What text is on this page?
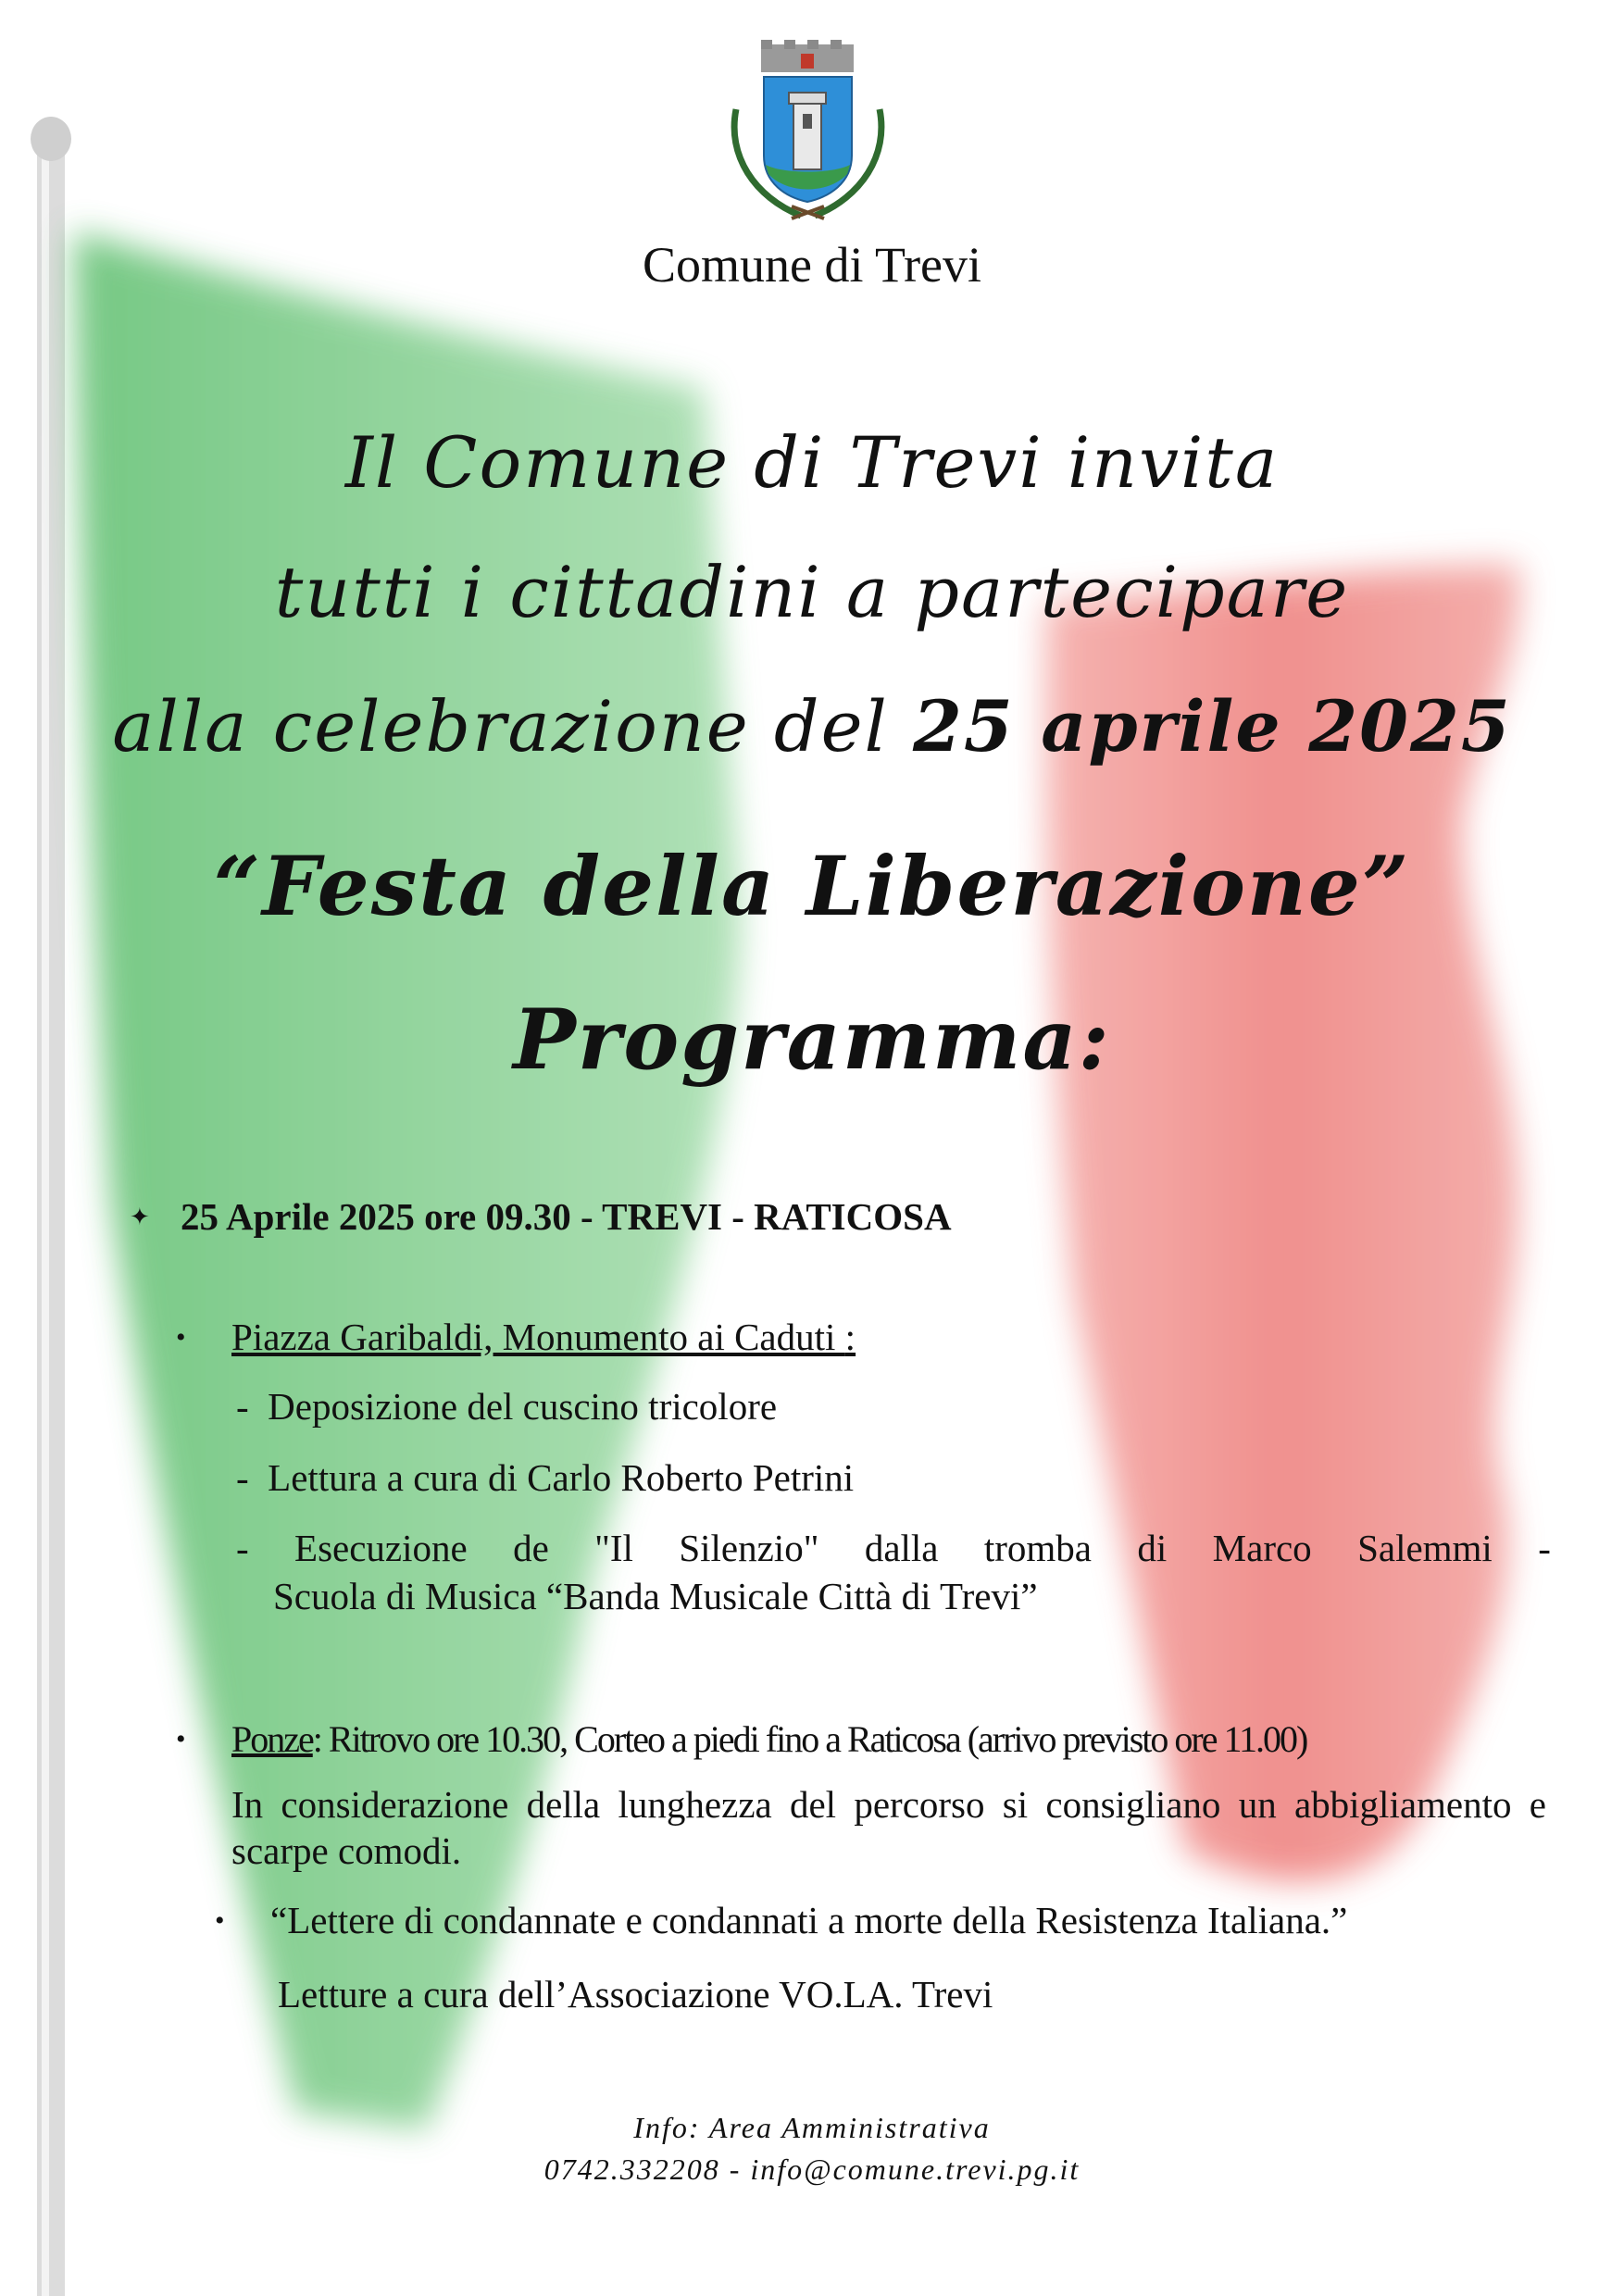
Comune di Trevi
Il Comune di Trevi invita
tutti i cittadini a partecipare
alla celebrazione del 25 aprile 2025
“Festa della Liberazione”
Programma:
✦ 25 Aprile 2025 ore 09.30 - TREVI - RATICOSA
• Piazza Garibaldi, Monumento ai Caduti :
-  Deposizione del cuscino tricolore
-  Lettura a cura di Carlo Roberto Petrini
- Esecuzione de "Il Silenzio" dalla tromba di Marco Salemmi -
Scuola di Musica “Banda Musicale Città di Trevi”
• Ponze: Ritrovo ore 10.30, Corteo a piedi fino a Raticosa (arrivo previsto ore 11.00)
In considerazione della lunghezza del percorso si consigliano un abbigliamento e
scarpe comodi.
• “Lettere di condannate e condannati a morte della Resistenza Italiana.”
Letture a cura dell’Associazione VO.LA. Trevi
Info: Area Amministrativa
0742.332208 - info@comune.trevi.pg.it
